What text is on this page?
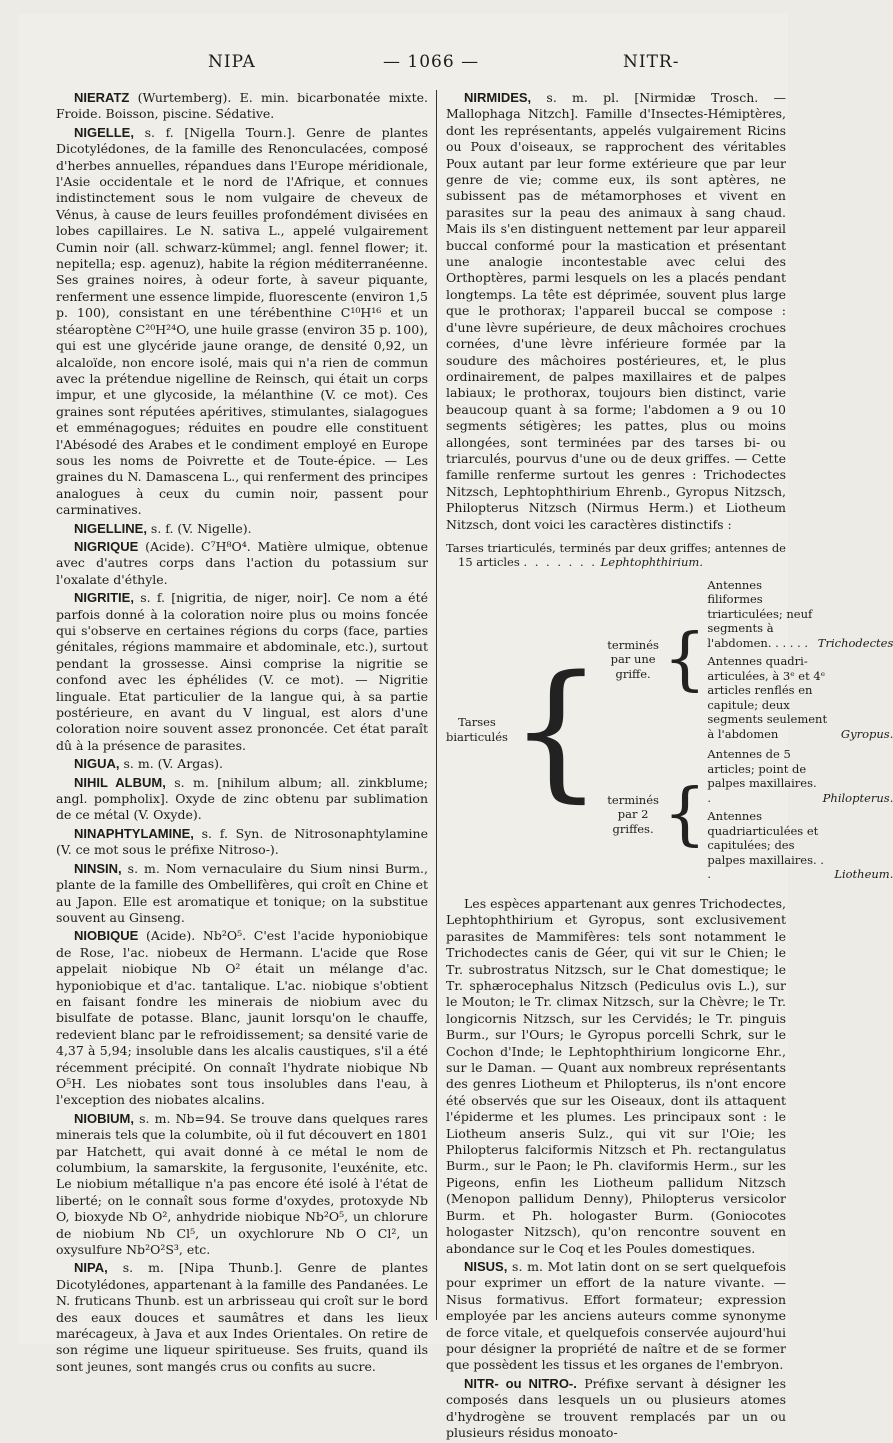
NIPA	— 1066 —	NITR-

NIERATZ (Wurtemberg). E. min. bicarbonatée mixte. Froide. Boisson, piscine. Sédative.

NIGELLE, s. f. [Nigella Tourn.]. Genre de plantes Dicotylédones, de la famille des Renonculacées, composé d'herbes annuelles, répandues dans l'Europe méridionale, l'Asie occidentale et le nord de l'Afrique, et connues indistinctement sous le nom vulgaire de cheveux de Vénus, à cause de leurs feuilles profondément divisées en lobes capillaires. Le N. sativa L., appelé vulgairement Cumin noir (all. schwarz-kümmel; angl. fennel flower; it. nepitella; esp. agenuz), habite la région méditerranéenne. Ses graines noires, à odeur forte, à saveur piquante, renferment une essence limpide, fluorescente (environ 1,5 p. 100), consistant en une térébenthine C¹⁰H¹⁶ et un stéaroptène C²⁰H²⁴O, une huile grasse (environ 35 p. 100), qui est une glycéride jaune orange, de densité 0,92, un alcaloïde, non encore isolé, mais qui n'a rien de commun avec la prétendue nigelline de Reinsch, qui était un corps impur, et une glycoside, la mélanthine (V. ce mot). Ces graines sont réputées apéritives, stimulantes, sialagogues et emménagogues; réduites en poudre elle constituent l'Abésodé des Arabes et le condiment employé en Europe sous les noms de Poivrette et de Toute-épice. — Les graines du N. Damascena L., qui renferment des principes analogues à ceux du cumin noir, passent pour carminatives.

NIGELLINE, s. f. (V. Nigelle).

NIGRIQUE (Acide). C⁷H⁸O⁴. Matière ulmique, obtenue avec d'autres corps dans l'action du potassium sur l'oxalate d'éthyle.

NIGRITIE, s. f. [nigritia, de niger, noir]. Ce nom a été parfois donné à la coloration noire plus ou moins foncée qui s'observe en certaines régions du corps (face, parties génitales, régions mammaire et abdominale, etc.), surtout pendant la grossesse. Ainsi comprise la nigritie se confond avec les éphélides (V. ce mot). — Nigritie linguale. Etat particulier de la langue qui, à sa partie postérieure, en avant du V lingual, est alors d'une coloration noire souvent assez prononcée. Cet état paraît dû à la présence de parasites.

NIGUA, s. m. (V. Argas).

NIHIL ALBUM, s. m. [nihilum album; all. zinkblume; angl. pompholix]. Oxyde de zinc obtenu par sublimation de ce métal (V. Oxyde).

NINAPHTYLAMINE, s. f. Syn. de Nitrosonaphtylamine (V. ce mot sous le préfixe Nitroso-).

NINSIN, s. m. Nom vernaculaire du Sium ninsi Burm., plante de la famille des Ombellifères, qui croît en Chine et au Japon. Elle est aromatique et tonique; on la substitue souvent au Ginseng.

NIOBIQUE (Acide). Nb²O⁵. C'est l'acide hyponiobique de Rose, l'ac. niobeux de Hermann. L'acide que Rose appelait niobique Nb O² était un mélange d'ac. hyponiobique et d'ac. tantalique. L'ac. niobique s'obtient en faisant fondre les minerais de niobium avec du bisulfate de potasse. Blanc, jaunit lorsqu'on le chauffe, redevient blanc par le refroidissement; sa densité varie de 4,37 à 5,94; insoluble dans les alcalis caustiques, s'il a été récemment précipité. On connaît l'hydrate niobique Nb O⁵H. Les niobates sont tous insolubles dans l'eau, à l'exception des niobates alcalins.

NIOBIUM, s. m. Nb=94. Se trouve dans quelques rares minerais tels que la columbite, où il fut découvert en 1801 par Hatchett, qui avait donné à ce métal le nom de columbium, la samarskite, la fergusonite, l'euxénite, etc. Le niobium métallique n'a pas encore été isolé à l'état de liberté; on le connaît sous forme d'oxydes, protoxyde Nb O, bioxyde Nb O², anhydride niobique Nb²O⁵, un chlorure de niobium Nb Cl⁵, un oxychlorure Nb O Cl², un oxysulfure Nb²O²S³, etc.

NIPA, s. m. [Nipa Thunb.]. Genre de plantes Dicotylédones, appartenant à la famille des Pandanées. Le N. fruticans Thunb. est un arbrisseau qui croît sur le bord des eaux douces et saumâtres et dans les lieux marécageux, à Java et aux Indes Orientales. On retire de son régime une liqueur spiritueuse. Ses fruits, quand ils sont jeunes, sont mangés crus ou confits au sucre.

NIRMIDES, s. m. pl. [Nirmidæ Trosch. — Mallophaga Nitzch]. Famille d'Insectes-Hémiptères, dont les représentants, appelés vulgairement Ricins ou Poux d'oiseaux, se rapprochent des véritables Poux autant par leur forme extérieure que par leur genre de vie; comme eux, ils sont aptères, ne subissent pas de métamorphoses et vivent en parasites sur la peau des animaux à sang chaud. Mais ils s'en distinguent nettement par leur appareil buccal conformé pour la mastication et présentant une analogie incontestable avec celui des Orthoptères, parmi lesquels on les a placés pendant longtemps. La tête est déprimée, souvent plus large que le prothorax; l'appareil buccal se compose : d'une lèvre supérieure, de deux mâchoires crochues cornées, d'une lèvre inférieure formée par la soudure des mâchoires postérieures, et, le plus ordinairement, de palpes maxillaires et de palpes labiaux; le prothorax, toujours bien distinct, varie beaucoup quant à sa forme; l'abdomen a 9 ou 10 segments sétigères; les pattes, plus ou moins allongées, sont terminées par des tarses bi- ou triarculés, pourvus d'une ou de deux griffes. — Cette famille renferme surtout les genres : Trichodectes Nitzsch, Lephtophthirium Ehrenb., Gyropus Nitzsch, Philopterus Nitzsch (Nirmus Herm.) et Liotheum Nitzsch, dont voici les caractères distinctifs :

Tarses triarticulés, terminés par deux griffes; antennes de 15 articles . . . . . . . Lephtophthirium.
Tarses biarticulés { terminés par une griffe. {
Antennes filiformes triarticulées; neuf segments à l'abdomen. . . . . . Trichodectes
Antennes quadri-articulées, à 3ᵉ et 4ᵉ articles renflés en capitule; deux segments seulement à l'abdomen	Gyropus.
terminés par 2 griffes. {
Antennes de 5 articles; point de palpes maxillaires. .	Philopterus.
Antennes quadriarticulées et capitulées; des palpes maxillaires. . .	Liotheum.

Les espèces appartenant aux genres Trichodectes, Lephtophthirium et Gyropus, sont exclusivement parasites de Mammifères: tels sont notamment le Trichodectes canis de Géer, qui vit sur le Chien; le Tr. subrostratus Nitzsch, sur le Chat domestique; le Tr. sphærocephalus Nitzsch (Pediculus ovis L.), sur le Mouton; le Tr. climax Nitzsch, sur la Chèvre; le Tr. longicornis Nitzsch, sur les Cervidés; le Tr. pinguis Burm., sur l'Ours; le Gyropus porcelli Schrk, sur le Cochon d'Inde; le Lephtophthirium longicorne Ehr., sur le Daman. — Quant aux nombreux représentants des genres Liotheum et Philopterus, ils n'ont encore été observés que sur les Oiseaux, dont ils attaquent l'épiderme et les plumes. Les principaux sont : le Liotheum anseris Sulz., qui vit sur l'Oie; les Philopterus falciformis Nitzsch et Ph. rectangulatus Burm., sur le Paon; le Ph. claviformis Herm., sur les Pigeons, enfin les Liotheum pallidum Nitzsch (Menopon pallidum Denny), Philopterus versicolor Burm. et Ph. hologaster Burm. (Goniocotes hologaster Nitzsch), qu'on rencontre souvent en abondance sur le Coq et les Poules domestiques.

NISUS, s. m. Mot latin dont on se sert quelquefois pour exprimer un effort de la nature vivante. — Nisus formativus. Effort formateur; expression employée par les anciens auteurs comme synonyme de force vitale, et quelquefois conservée aujourd'hui pour désigner la propriété de naître et de se former que possèdent les tissus et les organes de l'embryon.

NITR- ou NITRO-. Préfixe servant à désigner les composés dans lesquels un ou plusieurs atomes d'hydrogène se trouvent remplacés par un ou plusieurs résidus monoato-
